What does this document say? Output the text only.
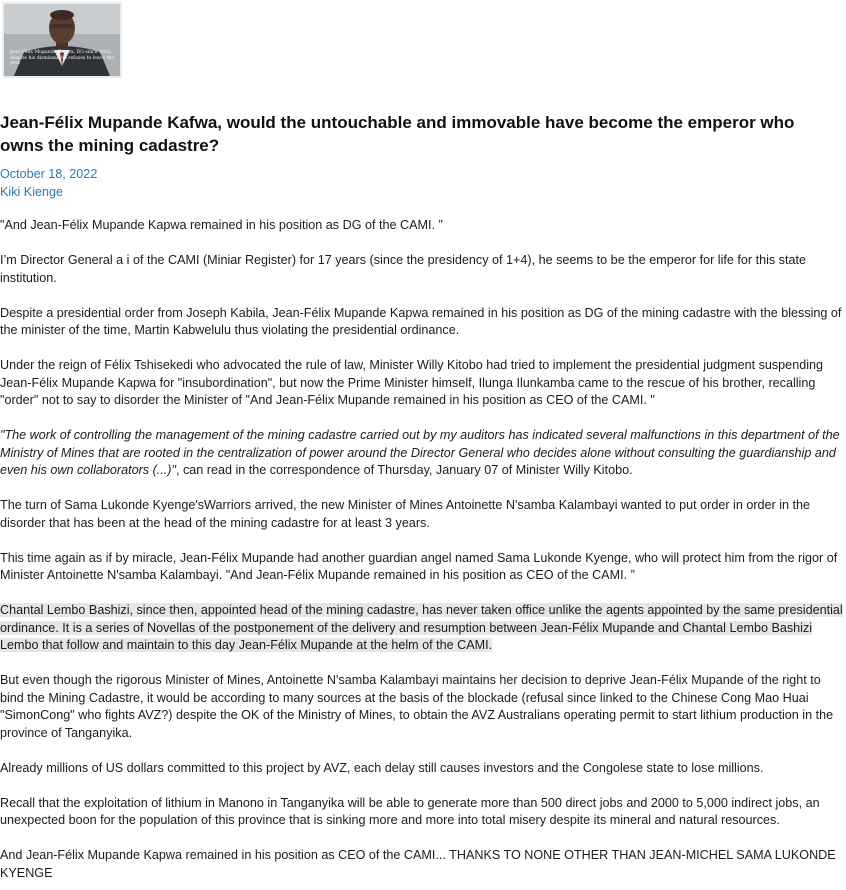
Jean-Félix Mupande Kapwa, DG since 2005, despite his dismissal, he refuses to leave the post
Jean-Félix Mupande Kafwa, would the untouchable and immovable have become the emperor who owns the mining cadastre?
October 18, 2022
Kiki Kienge

"And Jean-Félix Mupande Kapwa remained in his position as DG of the CAMI. ”

I’m Director General a i of the CAMI (Miniar Register) for 17 years (since the presidency of 1+4), he seems to be the emperor for life for this state institution.

Despite a presidential order from Joseph Kabila, Jean-Félix Mupande Kapwa remained in his position as DG of the mining cadastre with the blessing of the minister of the time, Martin Kabwelulu thus violating the presidential ordinance.

Under the reign of Félix Tshisekedi who advocated the rule of law, Minister Willy Kitobo had tried to implement the presidential judgment suspending Jean-Félix Mupande Kapwa for "insubordination", but now the Prime Minister himself, Ilunga Ilunkamba came to the rescue of his brother, recalling "order" not to say to disorder the Minister of "And Jean-Félix Mupande remained in his position as CEO of the CAMI. "

"The work of controlling the management of the mining cadastre carried out by my auditors has indicated several malfunctions in this department of the Ministry of Mines that are rooted in the centralization of power around the Director General who decides alone without consulting the guardianship and even his own collaborators (...)", can read in the correspondence of Thursday, January 07 of Minister Willy Kitobo.

The turn of Sama Lukonde Kyenge'sWarriors arrived, the new Minister of Mines Antoinette N'samba Kalambayi wanted to put order in order in the disorder that has been at the head of the mining cadastre for at least 3 years.

This time again as if by miracle, Jean-Félix Mupande had another guardian angel named Sama Lukonde Kyenge, who will protect him from the rigor of Minister Antoinette N'samba Kalambayi. "And Jean-Félix Mupande remained in his position as CEO of the CAMI. ”

Chantal Lembo Bashizi, since then, appointed head of the mining cadastre, has never taken office unlike the agents appointed by the same presidential ordinance. It is a series of Novellas of the postponement of the delivery and resumption between Jean-Félix Mupande and Chantal Lembo Bashizi Lembo that follow and maintain to this day Jean-Félix Mupande at the helm of the CAMI.

But even though the rigorous Minister of Mines, Antoinette N'samba Kalambayi maintains her decision to deprive Jean-Félix Mupande of the right to bind the Mining Cadastre, it would be according to many sources at the basis of the blockade (refusal since linked to the Chinese Cong Mao Huai "SimonCong" who fights AVZ?) despite the OK of the Ministry of Mines, to obtain the AVZ Australians operating permit to start lithium production in the province of Tanganyika.

Already millions of US dollars committed to this project by AVZ, each delay still causes investors and the Congolese state to lose millions.

Recall that the exploitation of lithium in Manono in Tanganyika will be able to generate more than 500 direct jobs and 2000 to 5,000 indirect jobs, an unexpected boon for the population of this province that is sinking more and more into total misery despite its mineral and natural resources.

And Jean-Félix Mupande Kapwa remained in his position as CEO of the CAMI... THANKS TO NONE OTHER THAN JEAN-MICHEL SAMA LUKONDE KYENGE
